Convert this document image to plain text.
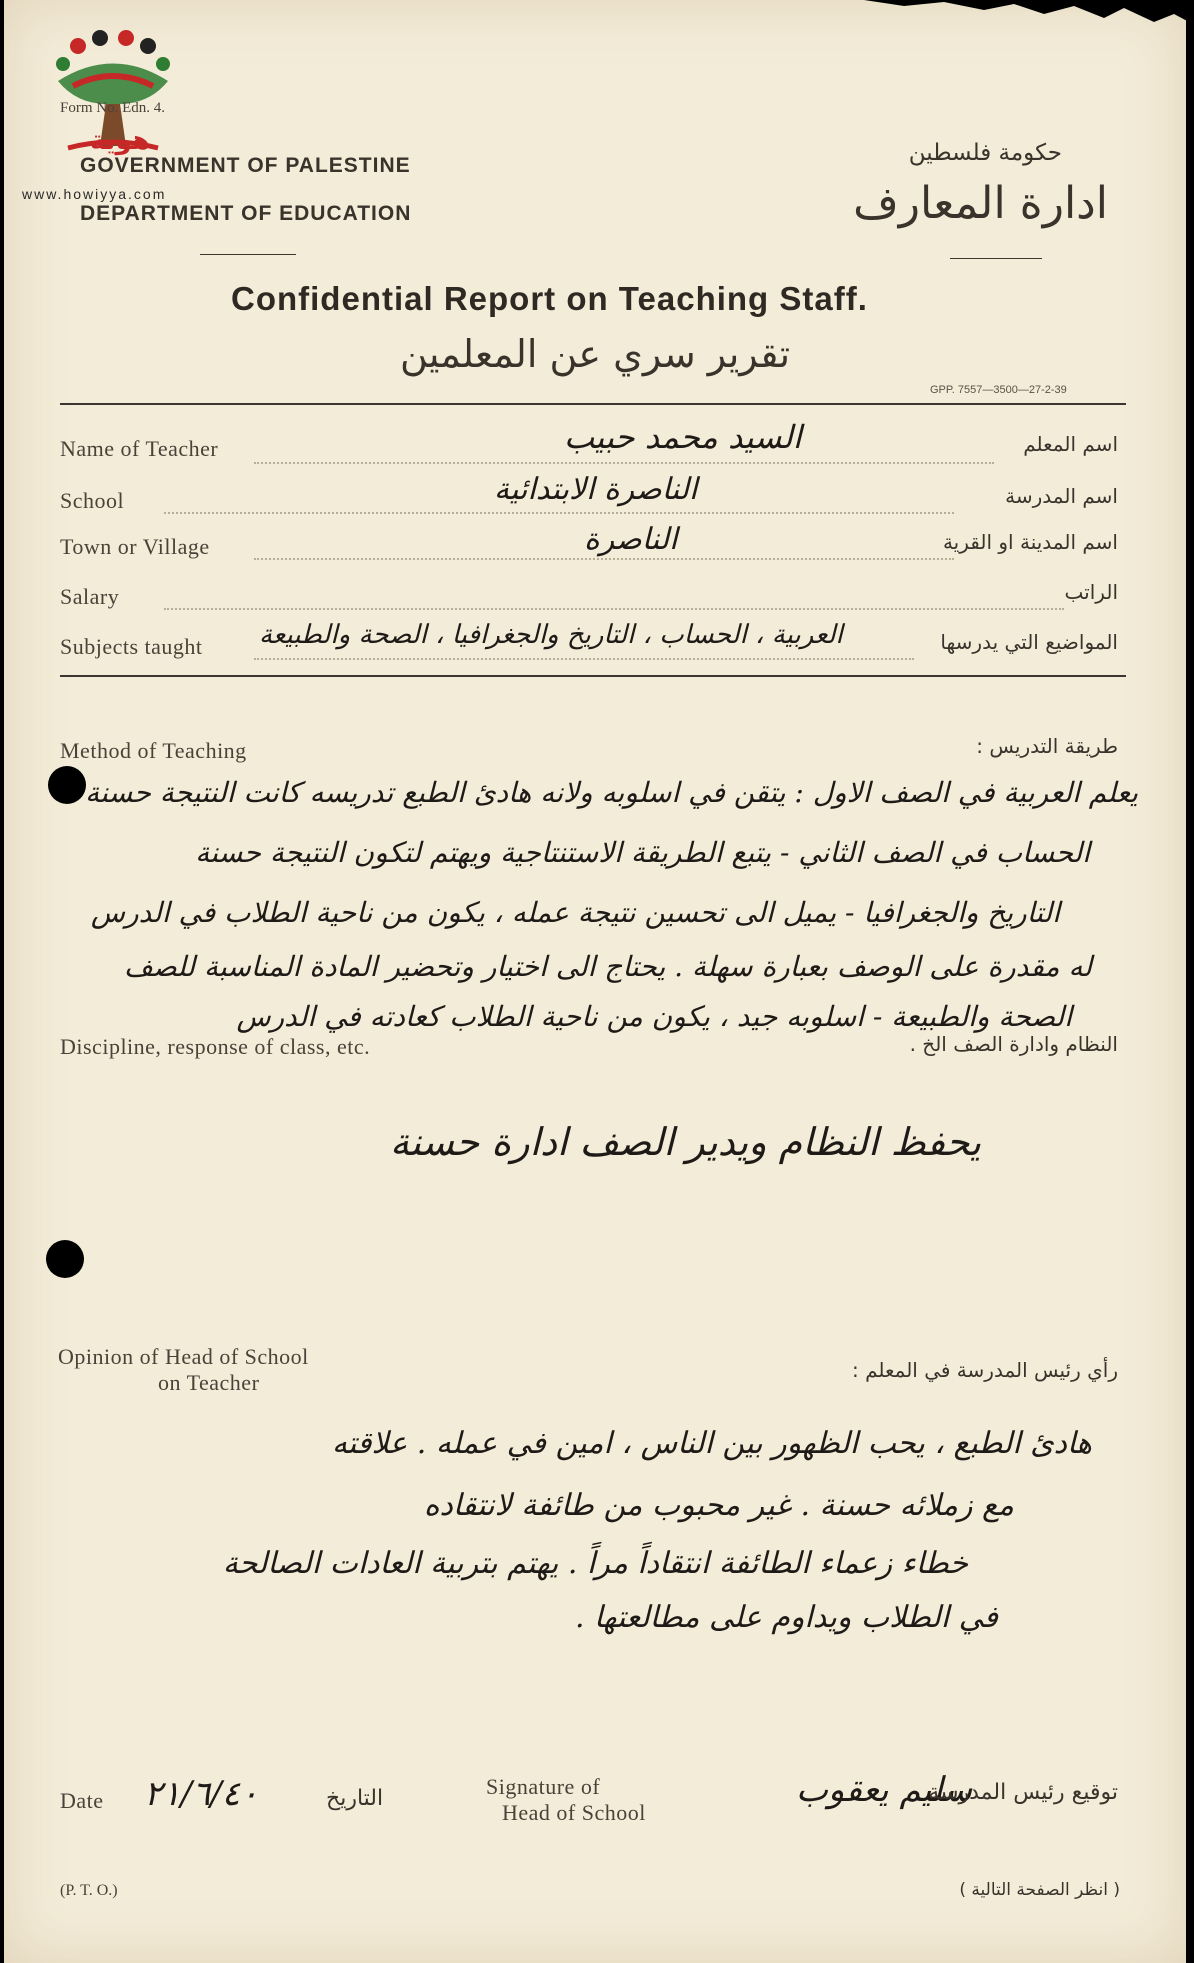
هوية
www.howiyya.com
Form No. Edn. 4.
GOVERNMENT OF PALESTINE
DEPARTMENT OF EDUCATION
حكومة فلسطين
ادارة المعارف
Confidential Report on Teaching Staff.
تقرير سري عن المعلمين
GPP. 7557—3500—27-2-39
Name of Teacher	السيد محمد حبيب	اسم المعلم
School	الناصرة الابتدائية	اسم المدرسة
Town or Village	الناصرة	اسم المدينة او القرية
Salary	الراتب
Subjects taught العربية ، الحساب ، التاريخ والجغرافيا ، الصحة والطبيعة	المواضيع التي يدرسها
Method of Teaching	طريقة التدريس :
يعلم العربية في الصف الاول : يتقن في اسلوبه ولانه هادئ الطبع تدريسه كانت النتيجة حسنة
الحساب في الصف الثاني - يتبع الطريقة الاستنتاجية ويهتم لتكون النتيجة حسنة
التاريخ والجغرافيا - يميل الى تحسين نتيجة عمله ، يكون من ناحية الطلاب في الدرس
له مقدرة على الوصف بعبارة سهلة . يحتاج الى اختيار وتحضير المادة المناسبة للصف
الصحة والطبيعة - اسلوبه جيد ، يكون من ناحية الطلاب كعادته في الدرس
Discipline, response of class, etc.	النظام وادارة الصف الخ .
يحفظ النظام ويدير الصف ادارة حسنة
Opinion of Head of School
on Teacher	رأي رئيس المدرسة في المعلم :
هادئ الطبع ، يحب الظهور بين الناس ، امين في عمله . علاقته
مع زملائه حسنة . غير محبوب من طائفة لانتقاده
خطاء زعماء الطائفة انتقاداً مراً . يهتم بتربية العادات الصالحة
في الطلاب ويداوم على مطالعتها .
Date ٢١/٦/٤٠	التاريخ	Signature of
Head of School
سليم يعقوب
توقيع رئيس المدرسة
(P. T. O.)	( انظر الصفحة التالية )
